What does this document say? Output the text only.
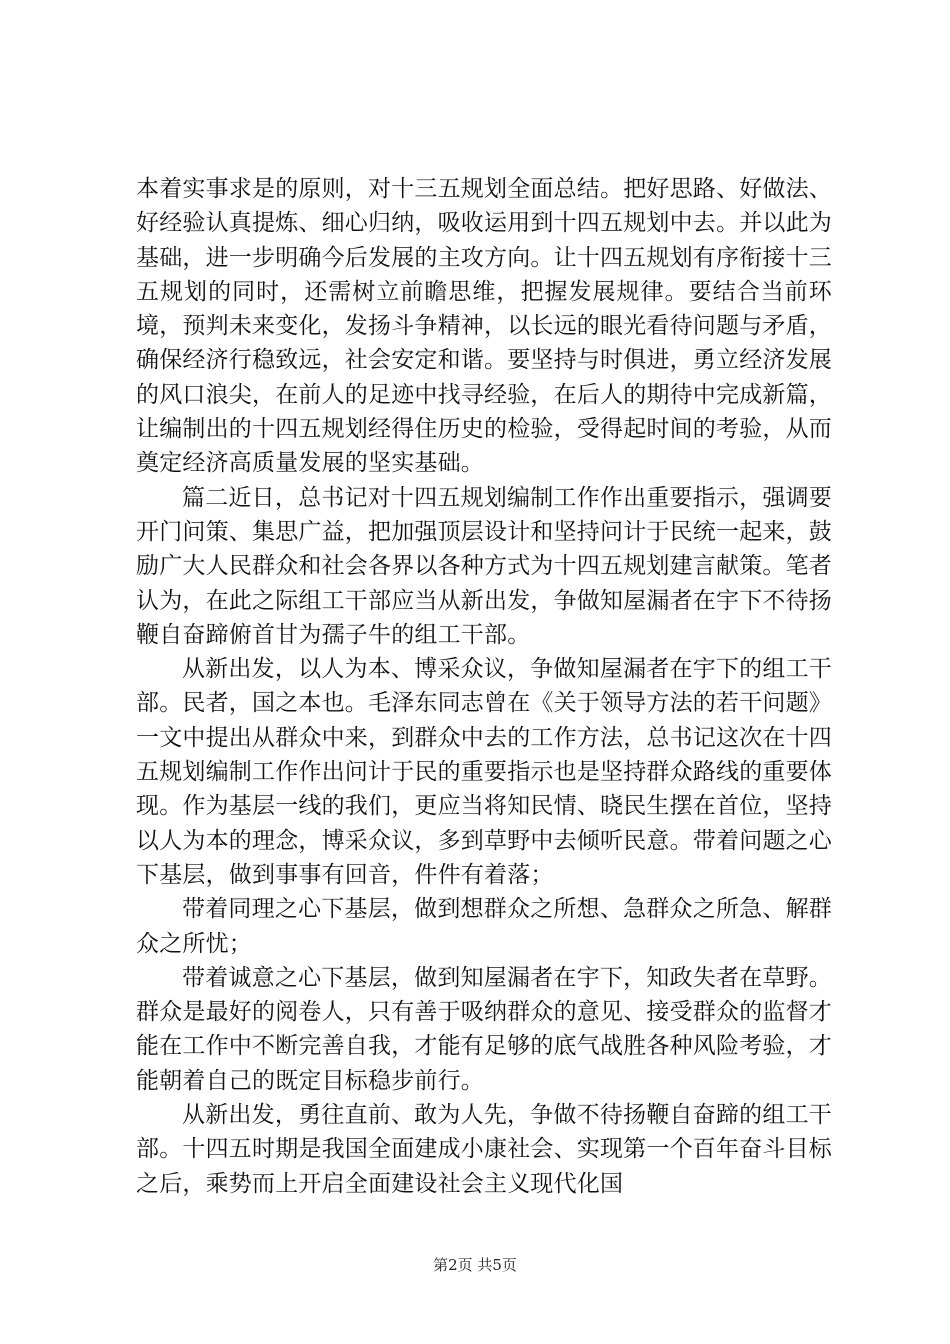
本着实事求是的原则，对十三五规划全面总结。把好思路、好做法、好经验认真提炼、细心归纳，吸收运用到十四五规划中去。并以此为基础，进一步明确今后发展的主攻方向。让十四五规划有序衔接十三五规划的同时，还需树立前瞻思维，把握发展规律。要结合当前环境，预判未来变化，发扬斗争精神，以长远的眼光看待问题与矛盾，确保经济行稳致远，社会安定和谐。要坚持与时俱进，勇立经济发展的风口浪尖，在前人的足迹中找寻经验，在后人的期待中完成新篇，让编制出的十四五规划经得住历史的检验，受得起时间的考验，从而奠定经济高质量发展的坚实基础。

篇二近日，总书记对十四五规划编制工作作出重要指示，强调要开门问策、集思广益，把加强顶层设计和坚持问计于民统一起来，鼓励广大人民群众和社会各界以各种方式为十四五规划建言献策。笔者认为，在此之际组工干部应当从新出发，争做知屋漏者在宇下不待扬鞭自奋蹄俯首甘为孺子牛的组工干部。

从新出发，以人为本、博采众议，争做知屋漏者在宇下的组工干部。民者，国之本也。毛泽东同志曾在《关于领导方法的若干问题》一文中提出从群众中来，到群众中去的工作方法，总书记这次在十四五规划编制工作作出问计于民的重要指示也是坚持群众路线的重要体现。作为基层一线的我们，更应当将知民情、晓民生摆在首位，坚持以人为本的理念，博采众议，多到草野中去倾听民意。带着问题之心下基层，做到事事有回音，件件有着落；

带着同理之心下基层，做到想群众之所想、急群众之所急、解群众之所忧；

带着诚意之心下基层，做到知屋漏者在宇下，知政失者在草野。群众是最好的阅卷人，只有善于吸纳群众的意见、接受群众的监督才能在工作中不断完善自我，才能有足够的底气战胜各种风险考验，才能朝着自己的既定目标稳步前行。

从新出发，勇往直前、敢为人先，争做不待扬鞭自奋蹄的组工干部。十四五时期是我国全面建成小康社会、实现第一个百年奋斗目标之后，乘势而上开启全面建设社会主义现代化国

第2页 共5页
